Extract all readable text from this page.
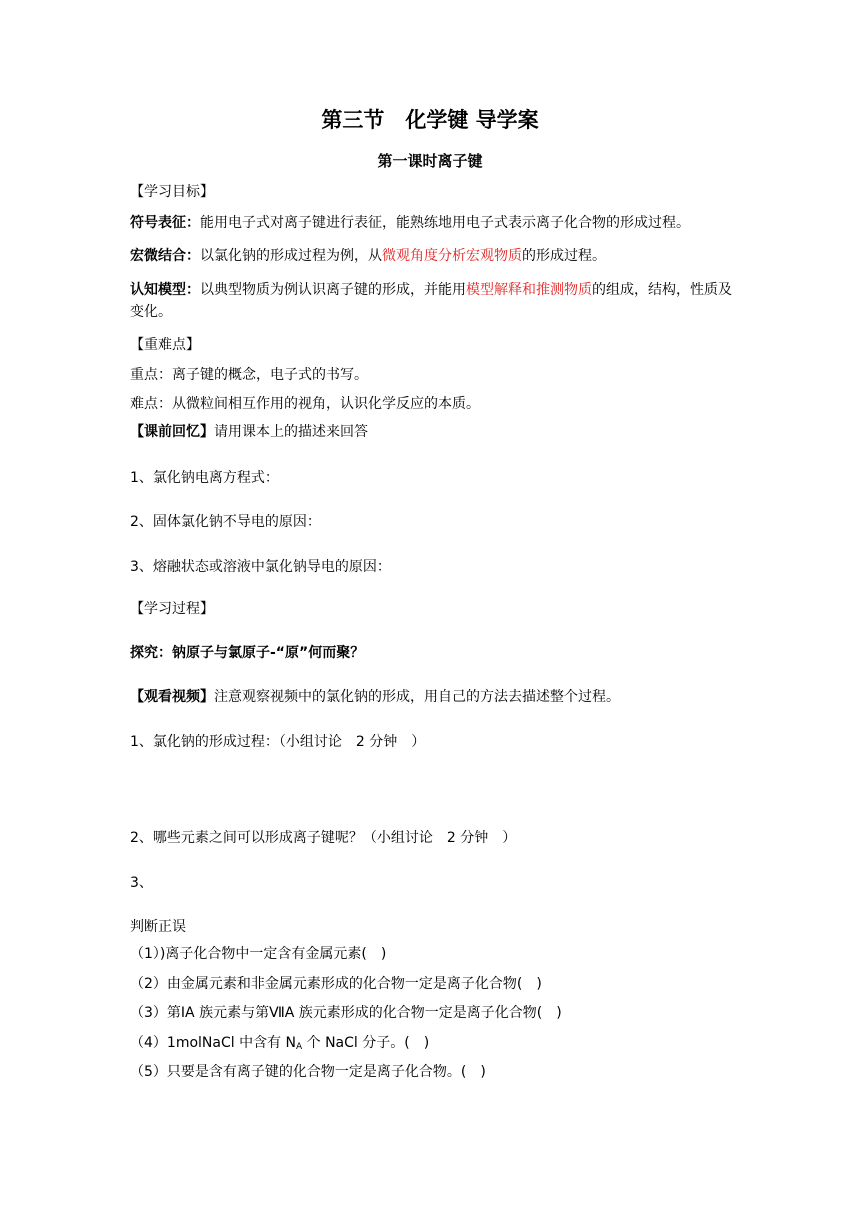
第三节　化学键 导学案
第一课时离子键
【学习目标】
符号表征：能用电子式对离子键进行表征，能熟练地用电子式表示离子化合物的形成过程。
宏微结合：以氯化钠的形成过程为例，从微观角度分析宏观物质的形成过程。
认知模型：以典型物质为例认识离子键的形成，并能用模型解释和推测物质的组成，结构，性质及变化。
【重难点】
重点：离子键的概念，电子式的书写。
难点：从微粒间相互作用的视角，认识化学反应的本质。
【课前回忆】请用课本上的描述来回答
1、氯化钠电离方程式：
2、固体氯化钠不导电的原因：
3、熔融状态或溶液中氯化钠导电的原因：
【学习过程】
探究：钠原子与氯原子-“原”何而聚？
【观看视频】注意观察视频中的氯化钠的形成，用自己的方法去描述整个过程。
1、氯化钠的形成过程：（小组讨论　2 分钟　）
2、哪些元素之间可以形成离子键呢？（小组讨论　2 分钟　）
3、
判断正误
（1）)离子化合物中一定含有金属元素(　)
（2）由金属元素和非金属元素形成的化合物一定是离子化合物(　)
（3）第ⅠA 族元素与第ⅦA 族元素形成的化合物一定是离子化合物(　)
（4）1molNaCl 中含有 $N_A$ 个 NaCl 分子。(　)
（5）只要是含有离子键的化合物一定是离子化合物。(　)
